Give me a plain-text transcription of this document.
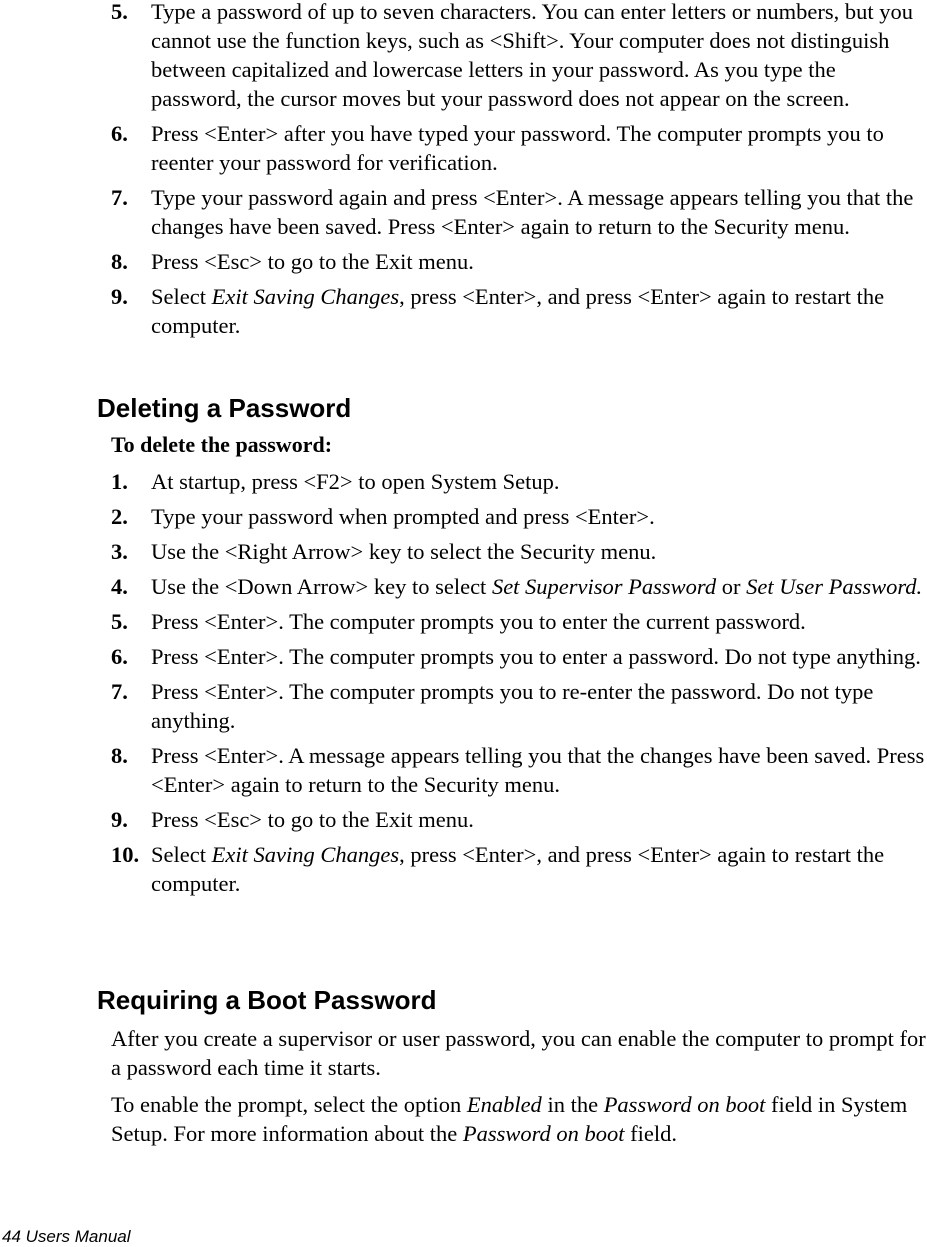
5. Type a password of up to seven characters. You can enter letters or numbers, but you cannot use the function keys, such as <Shift>. Your computer does not distinguish between capitalized and lowercase letters in your password. As you type the password, the cursor moves but your password does not appear on the screen.
6. Press <Enter> after you have typed your password. The computer prompts you to reenter your password for verification.
7. Type your password again and press <Enter>. A message appears telling you that the changes have been saved. Press <Enter> again to return to the Security menu.
8. Press <Esc> to go to the Exit menu.
9. Select Exit Saving Changes, press <Enter>, and press <Enter> again to restart the computer.
Deleting a Password
To delete the password:
1. At startup, press <F2> to open System Setup.
2. Type your password when prompted and press <Enter>.
3. Use the <Right Arrow> key to select the Security menu.
4. Use the <Down Arrow> key to select Set Supervisor Password or Set User Password.
5. Press <Enter>. The computer prompts you to enter the current password.
6. Press <Enter>. The computer prompts you to enter a password. Do not type anything.
7. Press <Enter>. The computer prompts you to re-enter the password. Do not type anything.
8. Press <Enter>. A message appears telling you that the changes have been saved. Press <Enter> again to return to the Security menu.
9. Press <Esc> to go to the Exit menu.
10. Select Exit Saving Changes, press <Enter>, and press <Enter> again to restart the computer.
Requiring a Boot Password
After you create a supervisor or user password, you can enable the computer to prompt for a password each time it starts.
To enable the prompt, select the option Enabled in the Password on boot field in System Setup. For more information about the Password on boot field.
44 Users Manual
